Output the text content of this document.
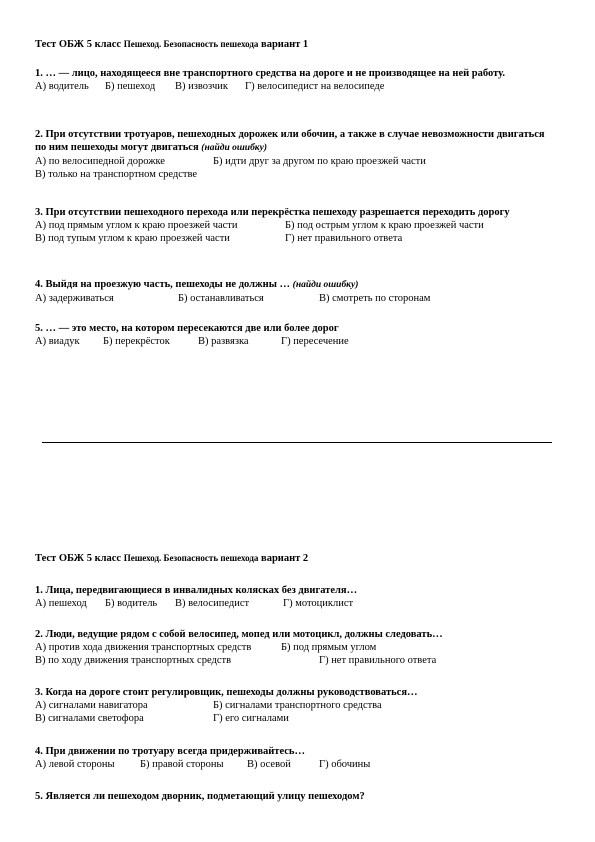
Тест ОБЖ 5 класс Пешеход. Безопасность пешехода вариант 1
1. … — лицо, находящееся вне транспортного средства на дороге и не производящее на ней работу.
А) водитель Б) пешеход В) извозчик Г) велосипедист на велосипеде
2. При отсутствии тротуаров, пешеходных дорожек или обочин, а также в случае невозможности двигаться по ним пешеходы могут двигаться (найди ошибку)
А) по велосипедной дорожке	Б) идти друг за другом по краю проезжей части
В) только на транспортном средстве
3. При отсутствии пешеходного перехода или перекрёстка пешеходу разрешается переходить дорогу
А) под прямым углом к краю проезжей части	Б) под острым углом к краю проезжей части
В) под тупым углом к краю проезжей части	Г) нет правильного ответа
4. Выйдя на проезжую часть, пешеходы не должны … (найди ошибку)
А) задерживаться	Б) останавливаться	В) смотреть по сторонам
5. … — это место, на котором пересекаются две или более дорог
А) виадук Б) перекрёсток	В) развязка	Г) пересечение
Тест ОБЖ 5 класс Пешеход. Безопасность пешехода вариант 2
1. Лица, передвигающиеся в инвалидных колясках без двигателя…
А) пешеход Б) водитель В) велосипедист	Г) мотоциклист
2. Люди, ведущие рядом с собой велосипед, мопед или мотоцикл, должны следовать…
А) против хода движения транспортных средств	Б) под прямым углом
В) по ходу движения транспортных средств	Г) нет правильного ответа
3. Когда на дороге стоит регулировщик, пешеходы должны руководствоваться…
А) сигналами навигатора	Б) сигналами транспортного средства
В) сигналами светофора	Г) его сигналами
4. При движении по тротуару всегда придерживайтесь…
А) левой стороны Б) правой стороны В) осевой	Г) обочины
5. Является ли пешеходом дворник, подметающий улицу пешеходом?
